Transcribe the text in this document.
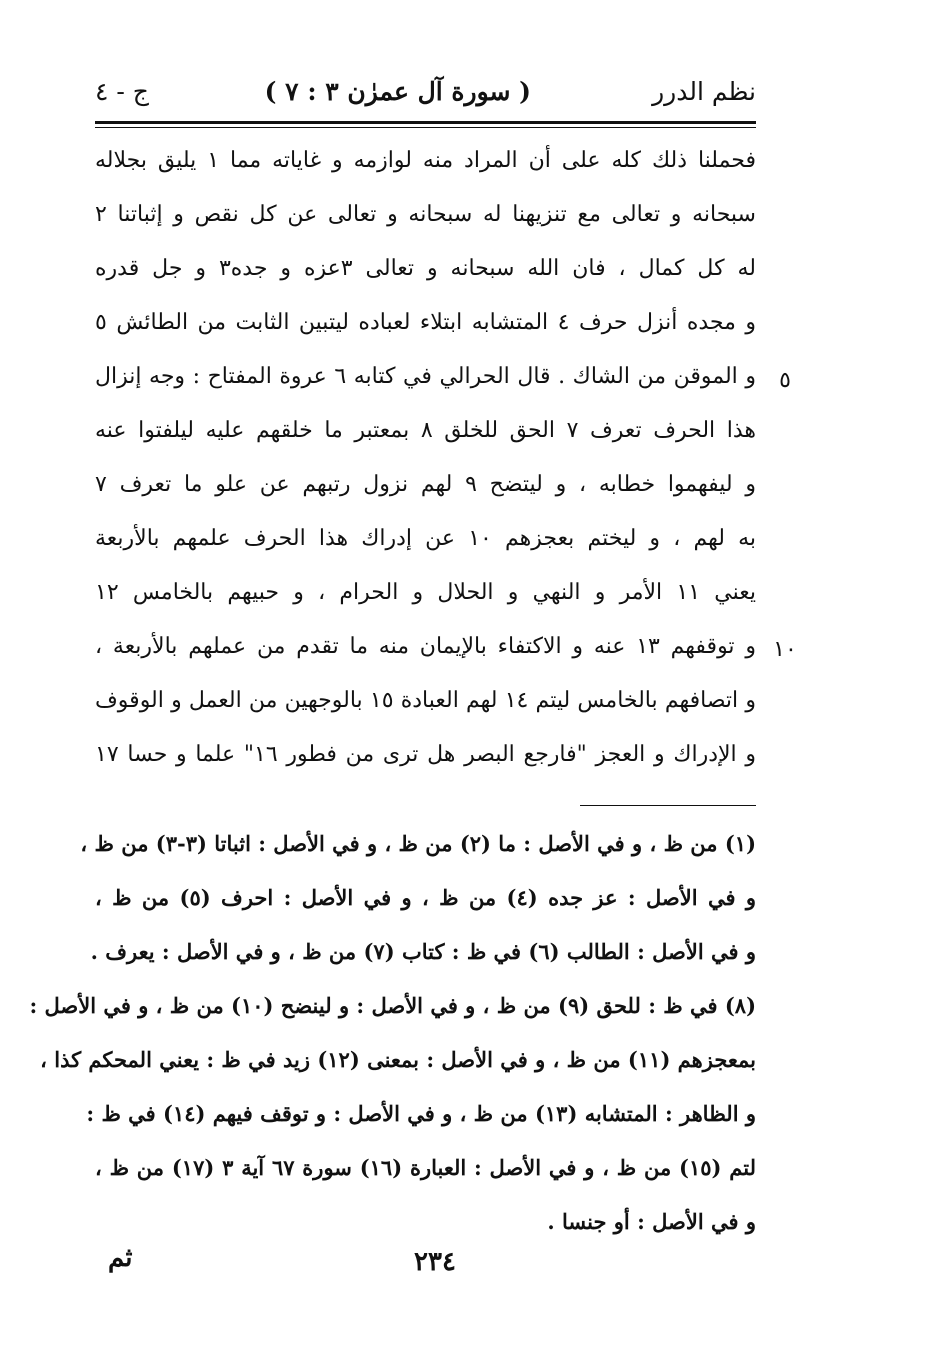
نظم الدرر
( سورة آل عمرٰن ٣ : ٧ )
ج - ٤
٥
١٠
فحملنا ذلك كله على أن المراد منه لوازمه و غاياته مما ١ يليق بجلاله
سبحانه و تعالى مع تنزيهنا له سبحانه و تعالى عن كل نقص و إثباتنا ٢
له كل كمال ، فان الله سبحانه و تعالى ٣عزه و جده٣ و جل قدره
و مجده أنزل حرف ٤ المتشابه ابتلاء لعباده ليتبين الثابت من الطائش ٥
و الموقن من الشاك . قال الحرالي في كتابه ٦ عروة المفتاح : وجه إنزال
هذا الحرف تعرف ٧ الحق للخلق ٨ بمعتبر ما خلقهم عليه ليلفتوا عنه
و ليفهموا خطابه ، و ليتضح ٩ لهم نزول رتبهم عن علو ما تعرف ٧
به لهم ، و ليختم بعجزهم ١٠ عن إدراك هذا الحرف علمهم بالأربعة
يعني ١١ الأمر و النهي و الحلال و الحرام ، و حبيهم بالخامس ١٢
و توقفهم ١٣ عنه و الاكتفاء بالإيمان منه ما تقدم من عملهم بالأربعة ،
و اتصافهم بالخامس ليتم ١٤ لهم العبادة ١٥ بالوجهين من العمل و الوقوف
و الإدراك و العجز "فارجع البصر هل ترى من فطور ١٦" علما و حسا ١٧
(١) من ظ ، و في الأصل : ما (٢) من ظ ، و في الأصل : اثباتا (٣-٣) من ظ ،
و في الأصل : عز جده (٤) من ظ ، و في الأصل : احرف (٥) من ظ ،
و في الأصل : الطالب (٦) في ظ : كتاب (٧) من ظ ، و في الأصل : يعرف .
(٨) في ظ : للحق (٩) من ظ ، و في الأصل : و لينضح (١٠) من ظ ، و في الأصل :
بمعجزهم (١١) من ظ ، و في الأصل : بمعنى (١٢) زيد في ظ : يعني المحكم كذا ،
و الظاهر : المتشابه (١٣) من ظ ، و في الأصل : و توقف فيهم (١٤) في ظ :
لتم (١٥) من ظ ، و في الأصل : العبارة (١٦) سورة ٦٧ آية ٣ (١٧) من ظ ،
و في الأصل : أو جنسا .
٢٣٤
ثم
